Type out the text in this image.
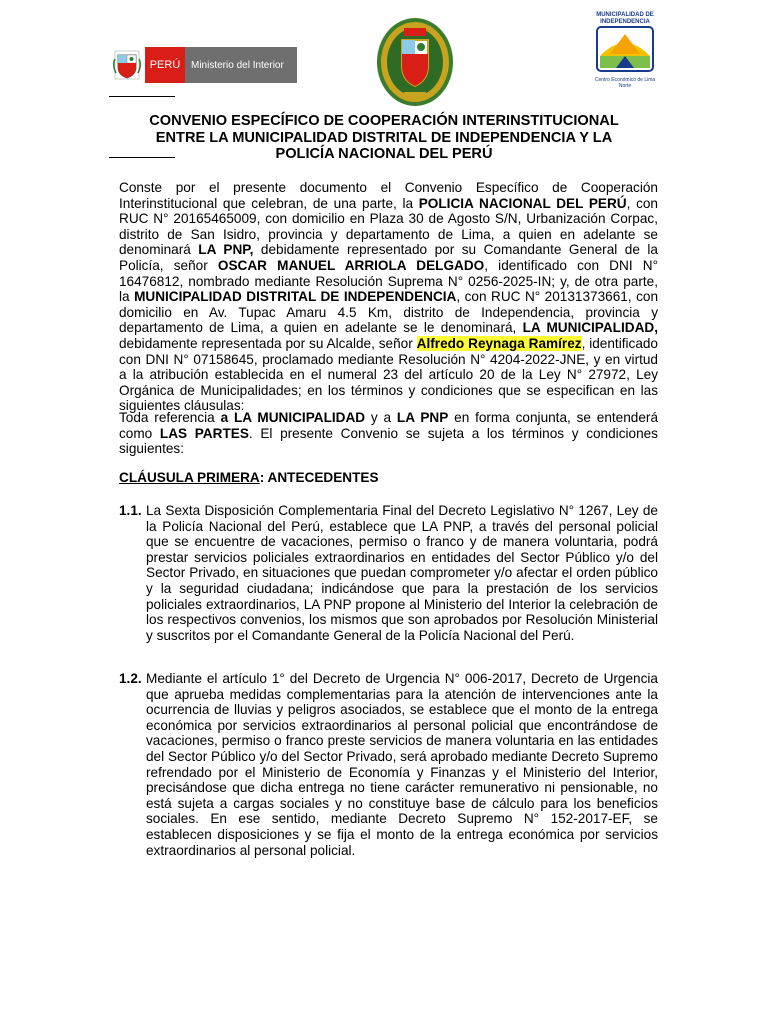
PERÚ	Ministerio del Interior
MUNICIPALIDAD DE INDEPENDENCIA
Centro Económico de Lima Norte
CONVENIO ESPECÍFICO DE COOPERACIÓN INTERINSTITUCIONAL
ENTRE LA MUNICIPALIDAD DISTRITAL DE INDEPENDENCIA Y LA
POLICÍA NACIONAL DEL PERÚ
Conste por el presente documento el Convenio Específico de Cooperación Interinstitucional que celebran, de una parte, la POLICIA NACIONAL DEL PERÚ, con RUC N° 20165465009, con domicilio en Plaza 30 de Agosto S/N, Urbanización Corpac, distrito de San Isidro, provincia y departamento de Lima, a quien en adelante se denominará LA PNP, debidamente representado por su Comandante General de la Policía, señor OSCAR MANUEL ARRIOLA DELGADO, identificado con DNI N° 16476812, nombrado mediante Resolución Suprema N° 0256-2025-IN; y, de otra parte, la MUNICIPALIDAD DISTRITAL DE INDEPENDENCIA, con RUC N° 20131373661, con domicilio en Av. Tupac Amaru 4.5 Km, distrito de Independencia, provincia y departamento de Lima, a quien en adelante se le denominará, LA MUNICIPALIDAD, debidamente representada por su Alcalde, señor Alfredo Reynaga Ramírez, identificado con DNI N° 07158645, proclamado mediante Resolución N° 4204-2022-JNE, y en virtud a la atribución establecida en el numeral 23 del artículo 20 de la Ley N° 27972, Ley Orgánica de Municipalidades; en los términos y condiciones que se especifican en las siguientes cláusulas:
Toda referencia a LA MUNICIPALIDAD y a LA PNP en forma conjunta, se entenderá como LAS PARTES. El presente Convenio se sujeta a los términos y condiciones siguientes:
CLÁUSULA PRIMERA: ANTECEDENTES
1.1. La Sexta Disposición Complementaria Final del Decreto Legislativo N° 1267, Ley de la Policía Nacional del Perú, establece que LA PNP, a través del personal policial que se encuentre de vacaciones, permiso o franco y de manera voluntaria, podrá prestar servicios policiales extraordinarios en entidades del Sector Público y/o del Sector Privado, en situaciones que puedan comprometer y/o afectar el orden público y la seguridad ciudadana; indicándose que para la prestación de los servicios policiales extraordinarios, LA PNP propone al Ministerio del Interior la celebración de los respectivos convenios, los mismos que son aprobados por Resolución Ministerial y suscritos por el Comandante General de la Policía Nacional del Perú.
1.2. Mediante el artículo 1° del Decreto de Urgencia N° 006-2017, Decreto de Urgencia que aprueba medidas complementarias para la atención de intervenciones ante la ocurrencia de lluvias y peligros asociados, se establece que el monto de la entrega económica por servicios extraordinarios al personal policial que encontrándose de vacaciones, permiso o franco preste servicios de manera voluntaria en las entidades del Sector Público y/o del Sector Privado, será aprobado mediante Decreto Supremo refrendado por el Ministerio de Economía y Finanzas y el Ministerio del Interior, precisándose que dicha entrega no tiene carácter remunerativo ni pensionable, no está sujeta a cargas sociales y no constituye base de cálculo para los beneficios sociales. En ese sentido, mediante Decreto Supremo N° 152-2017-EF, se establecen disposiciones y se fija el monto de la entrega económica por servicios extraordinarios al personal policial.
